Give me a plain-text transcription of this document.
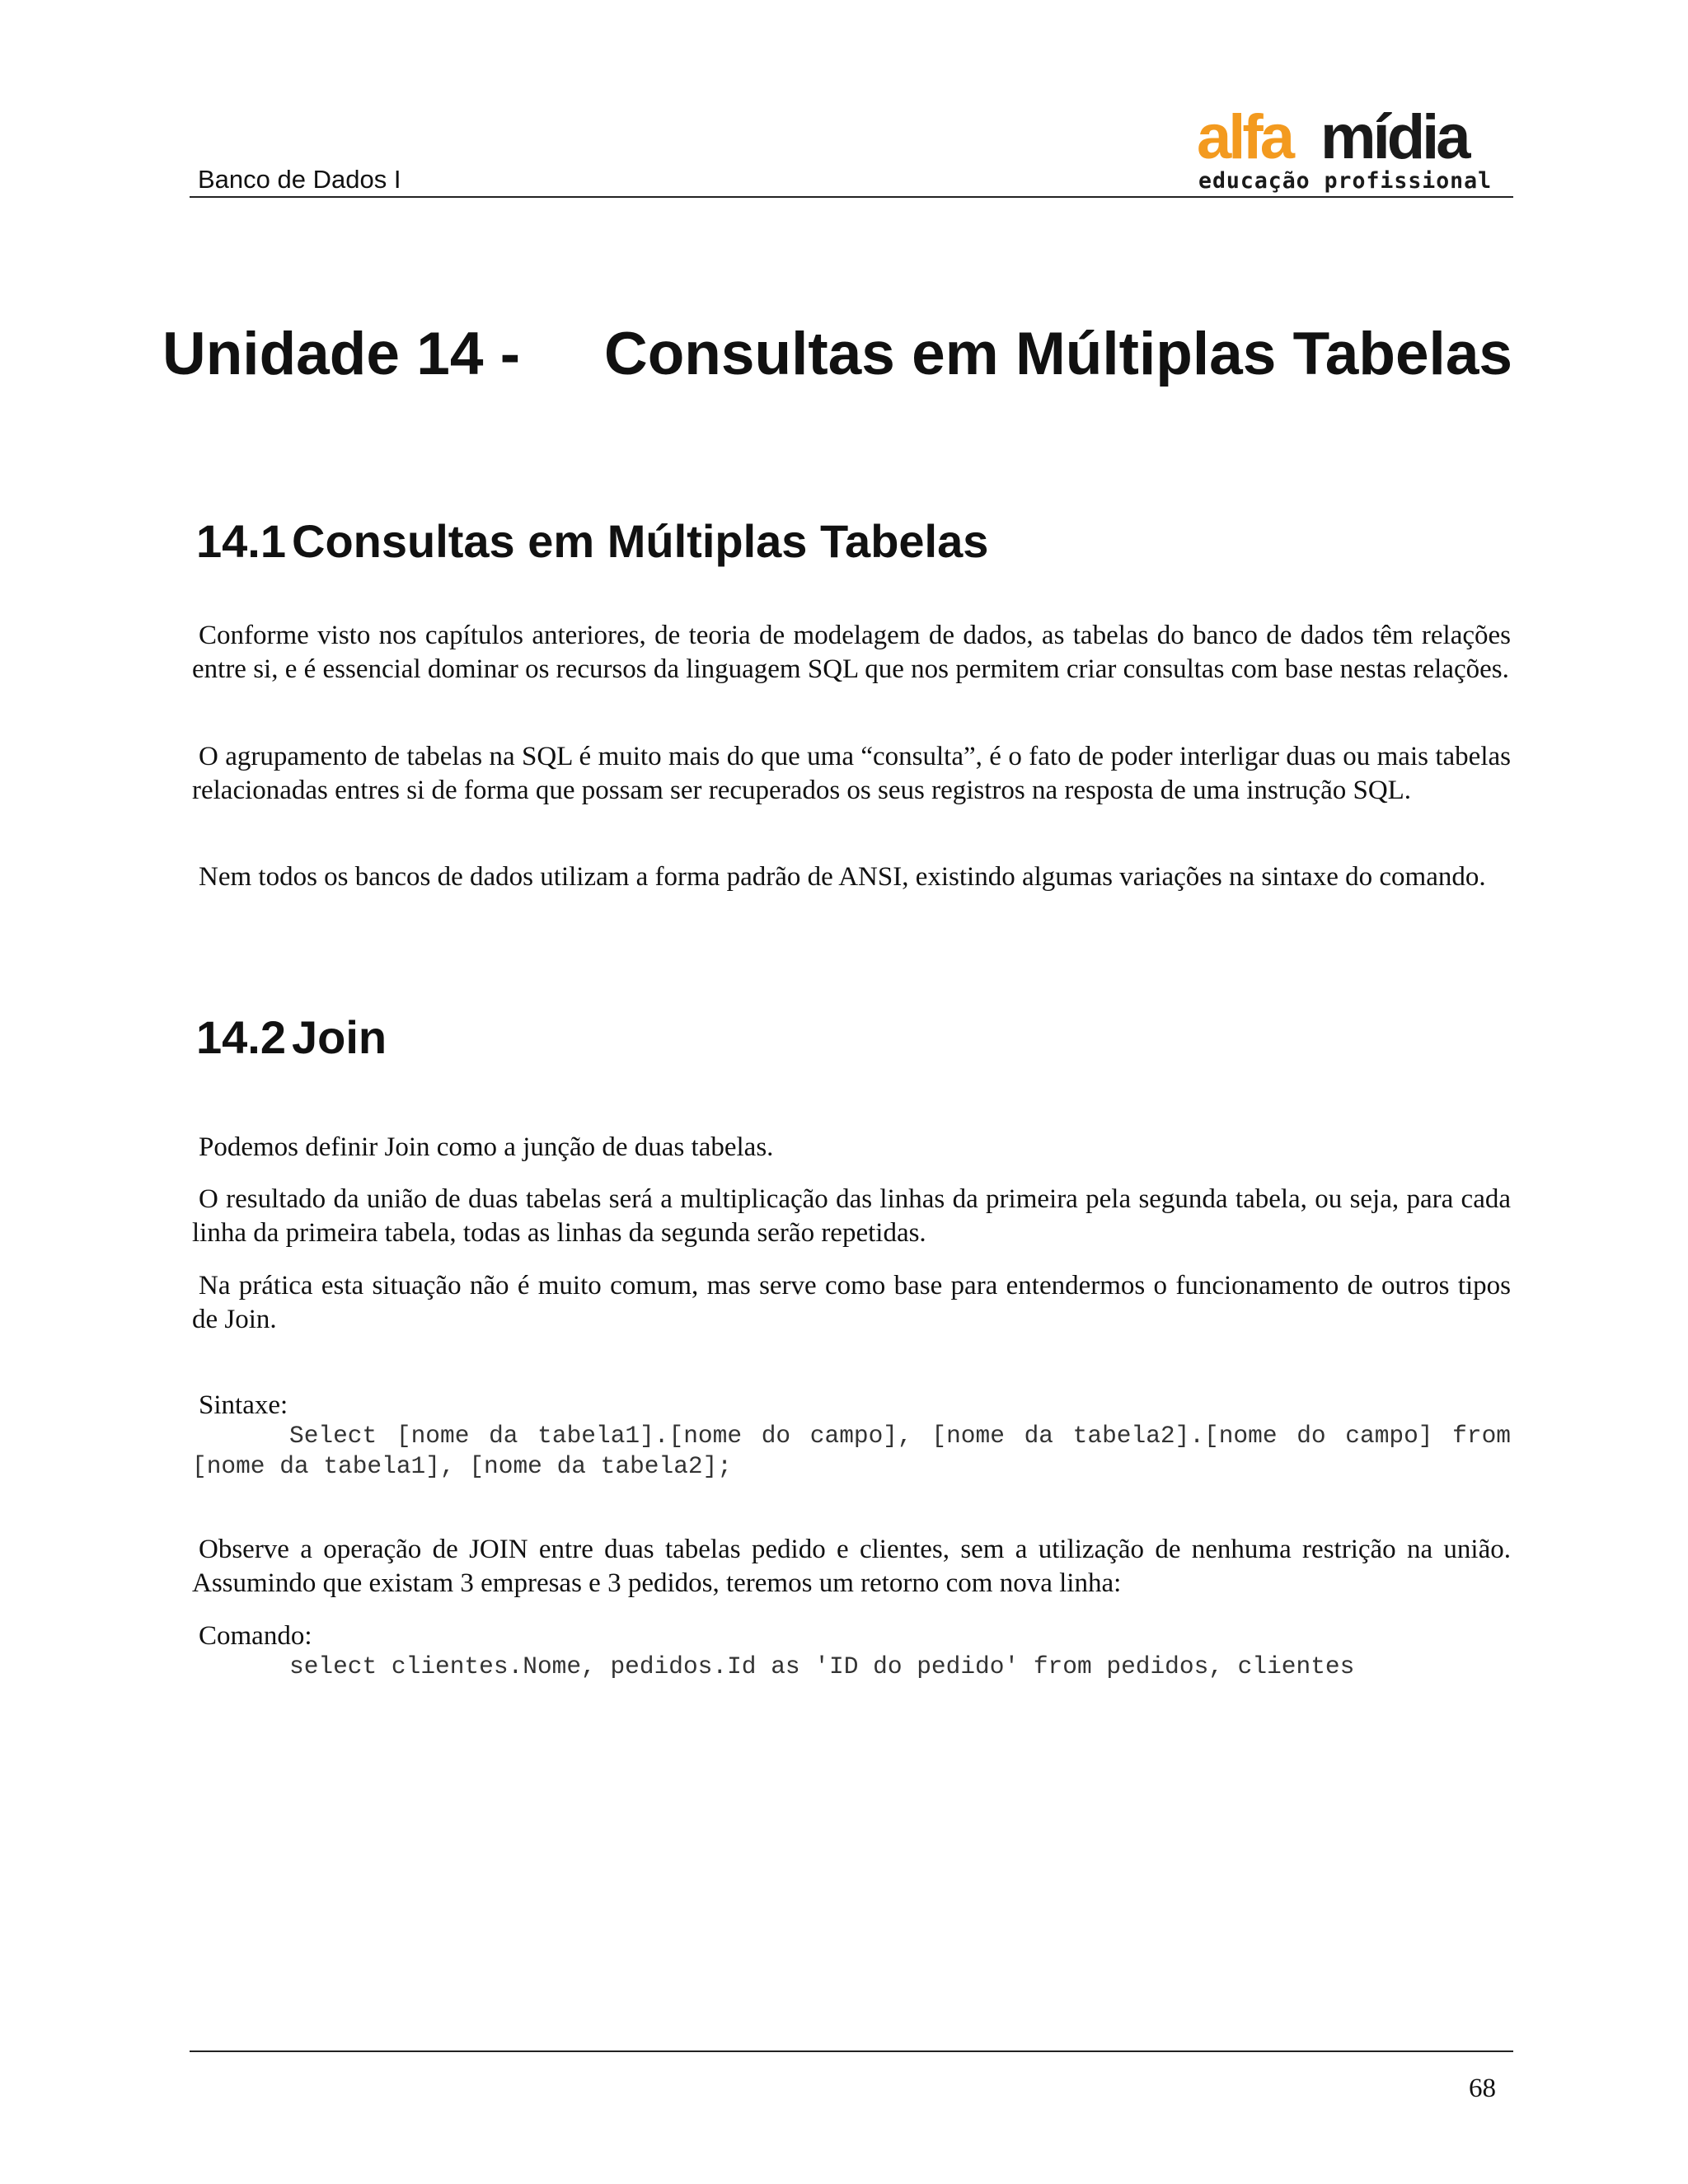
Banco de Dados I
alfa mídia
educação profissional
Unidade 14 - Consultas em Múltiplas Tabelas
14.1 Consultas em Múltiplas Tabelas

Conforme visto nos capítulos anteriores, de teoria de modelagem de dados, as tabelas do banco de dados têm relações entre si, e é essencial dominar os recursos da linguagem SQL que nos permitem criar consultas com base nestas relações.

O agrupamento de tabelas na SQL é muito mais do que uma “consulta”, é o fato de poder interligar duas ou mais tabelas relacionadas entres si de forma que possam ser recuperados os seus registros na resposta de uma instrução SQL.

Nem todos os bancos de dados utilizam a forma padrão de ANSI, existindo algumas variações na sintaxe do comando.

14.2 Join

Podemos definir Join como a junção de duas tabelas.

O resultado da união de duas tabelas será a multiplicação das linhas da primeira pela segunda tabela, ou seja, para cada linha da primeira tabela, todas as linhas da segunda serão repetidas.

Na prática esta situação não é muito comum, mas serve como base para entendermos o funcionamento de outros tipos de Join.

Sintaxe:

Select [nome da tabela1].[nome do campo], [nome da tabela2].[nome do campo] from [nome da tabela1], [nome da tabela2];

Observe a operação de JOIN entre duas tabelas pedido e clientes, sem a utilização de nenhuma restrição na união. Assumindo que existam 3 empresas e 3 pedidos, teremos um retorno com nova linha:

Comando:

select clientes.Nome, pedidos.Id as 'ID do pedido' from pedidos, clientes

68
